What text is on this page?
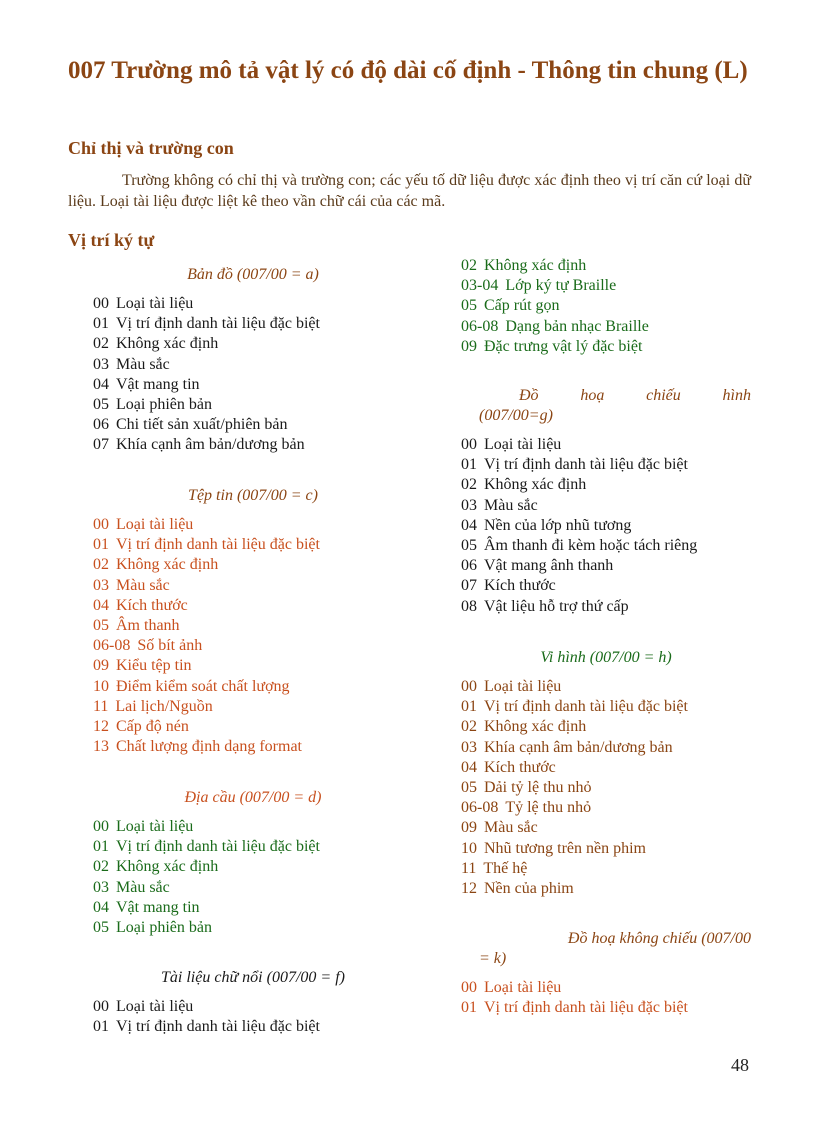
007 Trường mô tả vật lý có độ dài cố định - Thông tin chung (L)
Chỉ thị và trường con

Trường không có chỉ thị và trường con; các yếu tố dữ liệu được xác định theo vị trí căn cứ loại dữ liệu. Loại tài liệu được liệt kê theo vần chữ cái của các mã.

Vị trí ký tự

Bản đồ (007/00 = a)

00 Loại tài liệu
01 Vị trí định danh tài liệu đặc biệt
02 Không xác định
03 Màu sắc
04 Vật mang tin
05 Loại phiên bản
06 Chi tiết sản xuất/phiên bản
07 Khía cạnh âm bản/dương bản

Tệp tin (007/00 = c)

00 Loại tài liệu
01 Vị trí định danh tài liệu đặc biệt
02 Không xác định
03 Màu sắc
04 Kích thước
05 Âm thanh
06-08 Số bít ảnh
09 Kiểu tệp tin
10 Điểm kiểm soát chất lượng
11 Lai lịch/Nguồn
12 Cấp độ nén
13 Chất lượng định dạng format

Địa cầu (007/00 = d)

00 Loại tài liệu
01 Vị trí định danh tài liệu đặc biệt
02 Không xác định
03 Màu sắc
04 Vật mang tin
05 Loại phiên bản

Tài liệu chữ nổi (007/00 = f)

00 Loại tài liệu
01 Vị trí định danh tài liệu đặc biệt
02 Không xác định
03-04 Lớp ký tự Braille
05 Cấp rút gọn
06-08 Dạng bản nhạc Braille
09 Đặc trưng vật lý đặc biệt

Đồ hoạ chiếu hình

(007/00=g)

00 Loại tài liệu
01 Vị trí định danh tài liệu đặc biệt
02 Không xác định
03 Màu sắc
04 Nền của lớp nhũ tương
05 Âm thanh đi kèm hoặc tách riêng
06 Vật mang ânh thanh
07 Kích thước
08 Vật liệu hỗ trợ thứ cấp

Vi hình (007/00 = h)

00 Loại tài liệu
01 Vị trí định danh tài liệu đặc biệt
02 Không xác định
03 Khía cạnh âm bản/dương bản
04 Kích thước
05 Dải tỷ lệ thu nhỏ
06-08 Tỷ lệ thu nhỏ
09 Màu sắc
10 Nhũ tương trên nền phim
11 Thế hệ
12 Nền của phim

Đồ hoạ không chiếu (007/00

= k)

00 Loại tài liệu
01 Vị trí định danh tài liệu đặc biệt
48
